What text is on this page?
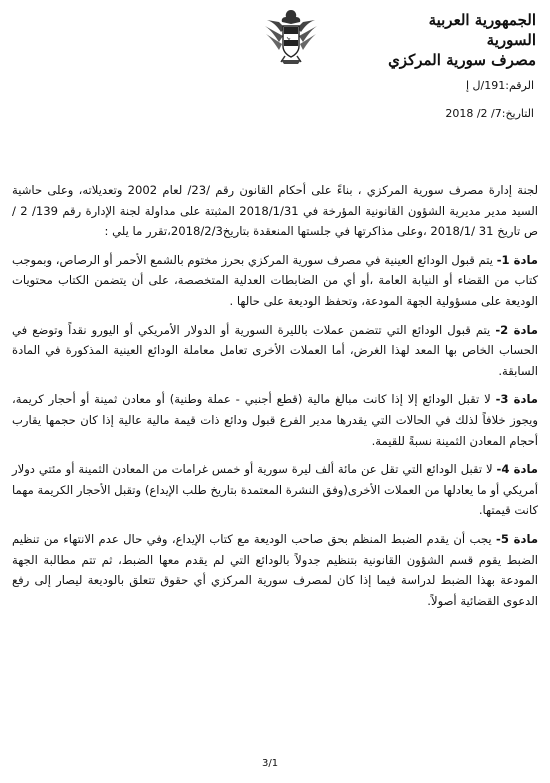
الجمهورية العربية السورية
مصرف سورية المركزي
الرقم:191/ل إ
التاريخ:7/ 2/ 2018

لجنة إدارة مصرف سورية المركزي ، بناءً على أحكام القانون رقم /23/ لعام 2002 وتعديلاته، وعلى حاشية السيد مدير مديرية الشؤون القانونية المؤرخة في 2018/1/31 المثبتة على مداولة لجنة الإدارة رقم 139/ 2 /ص تاريخ 31 /2018/1 ،وعلى مذاكرتها في جلستها المنعقدة بتاريخ2018/2/3،تقرر ما يلي :

مادة 1- يتم قبول الودائع العينية في مصرف سورية المركزي بحرز مختوم بالشمع الأحمر أو الرصاص، وبموجب كتاب من القضاء أو النيابة العامة ،أو أي من الضابطات العدلية المتخصصة، على أن يتضمن الكتاب محتويات الوديعة على مسؤولية الجهة المودعة، وتحفظ الوديعة على حالها .

مادة 2- يتم قبول الودائع التي تتضمن عملات بالليرة السورية أو الدولار الأمريكي أو اليورو نقداً وتوضع في الحساب الخاص بها المعد لهذا الغرض، أما العملات الأخرى تعامل معاملة الودائع العينية المذكورة في المادة السابقة.

مادة 3- لا تقبل الودائع إلا إذا كانت مبالغ مالية (قطع أجنبي - عملة وطنية) أو معادن ثمينة أو أحجار كريمة، ويجوز خلافاً لذلك في الحالات التي يقدرها مدير الفرع قبول ودائع ذات قيمة مالية عالية إذا كان حجمها يقارب أحجام المعادن الثمينة نسبةً للقيمة.

مادة 4- لا تقبل الودائع التي تقل عن مائة ألف ليرة سورية أو خمس غرامات من المعادن الثمينة أو مئتي دولار أمريكي أو ما يعادلها من العملات الأخرى(وفق النشرة المعتمدة بتاريخ طلب الإيداع) وتقبل الأحجار الكريمة مهما كانت قيمتها.

مادة 5- يجب أن يقدم الضبط المنظم بحق صاحب الوديعة مع كتاب الإيداع، وفي حال عدم الانتهاء من تنظيم الضبط يقوم قسم الشؤون القانونية بتنظيم جدولاً بالودائع التي لم يقدم معها الضبط، ثم تتم مطالبة الجهة المودعة بهذا الضبط لدراسة فيما إذا كان لمصرف سورية المركزي أي حقوق تتعلق بالوديعة ليصار إلى رفع الدعوى القضائية أصولاً.

3/1
